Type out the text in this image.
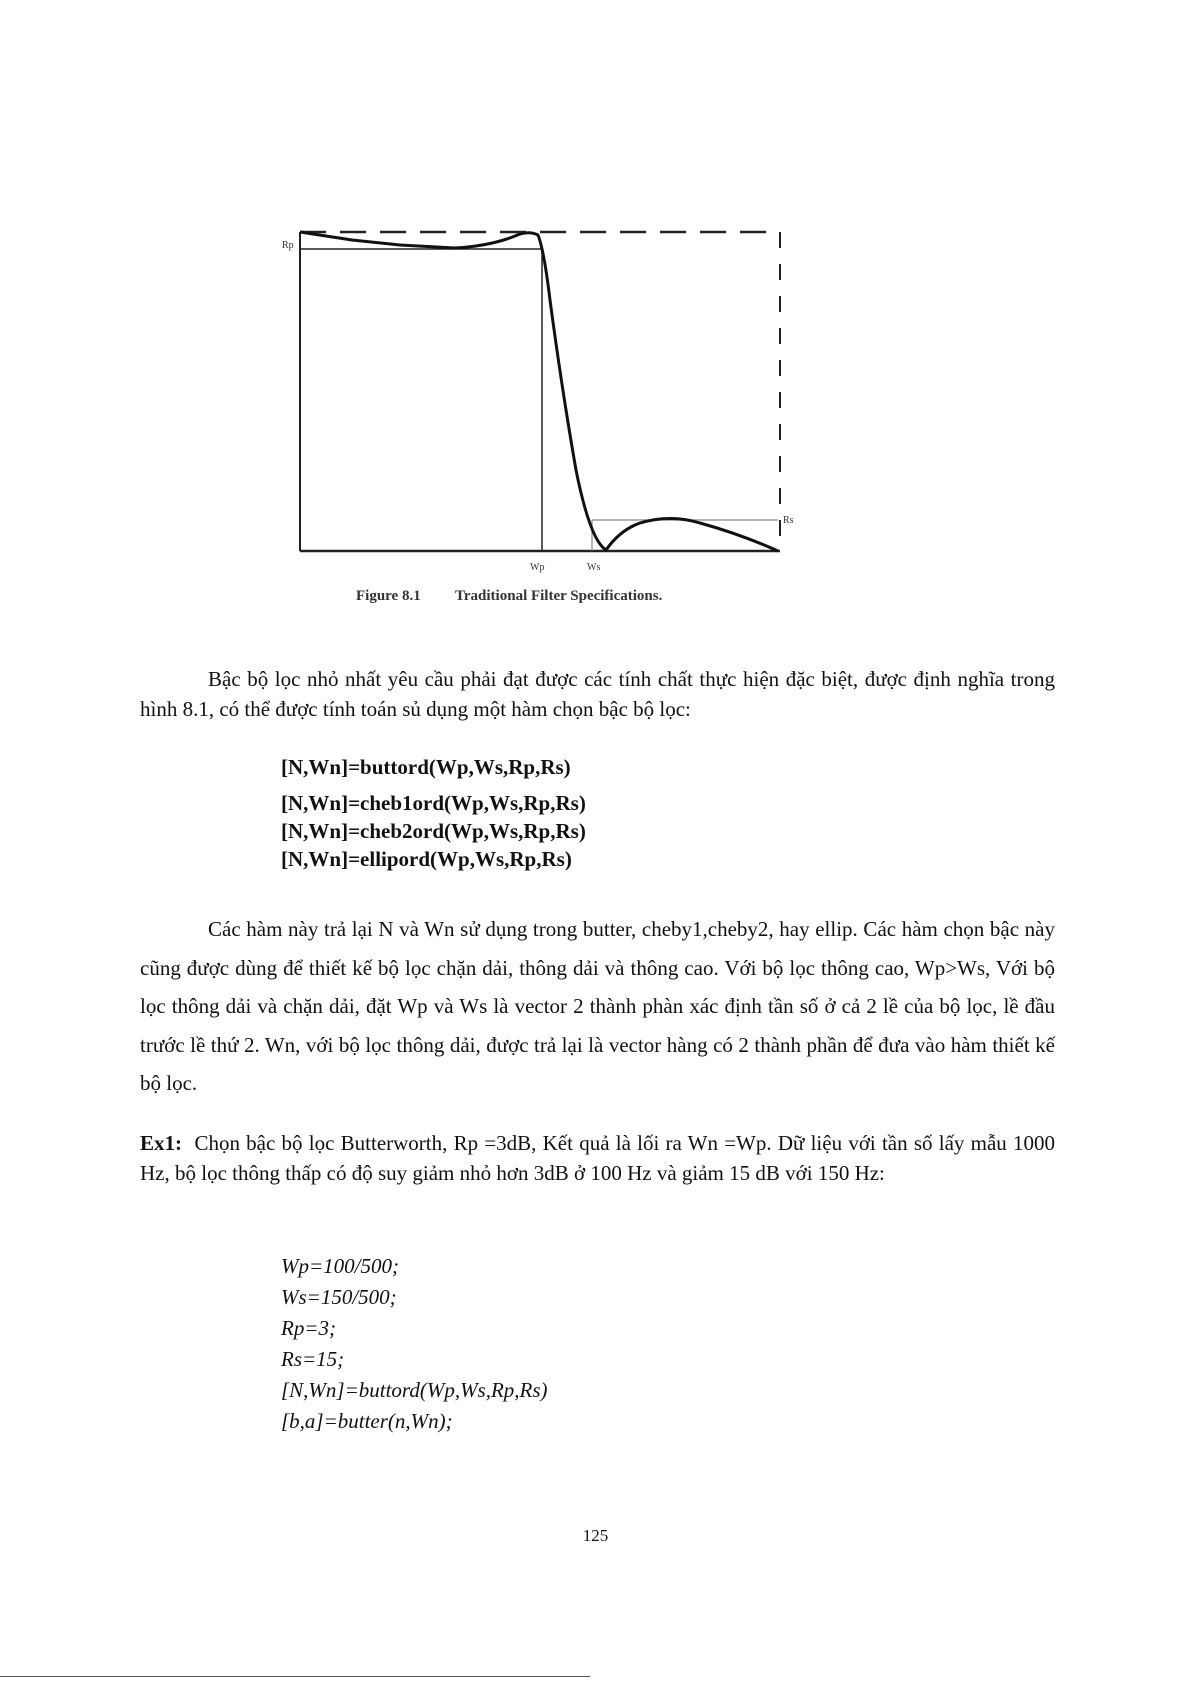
Rp
Rs
Wp	Ws
Figure 8.1 Traditional Filter Specifications.

Bậc bộ lọc nhỏ nhất yêu cầu phải đạt được các tính chất thực hiện đặc biệt, được định nghĩa trong hình 8.1, có thể được tính toán sủ dụng một hàm chọn bậc bộ lọc:

[N,Wn]=buttord(Wp,Ws,Rp,Rs)
[N,Wn]=cheb1ord(Wp,Ws,Rp,Rs)
[N,Wn]=cheb2ord(Wp,Ws,Rp,Rs)
[N,Wn]=ellipord(Wp,Ws,Rp,Rs)

Các hàm này trả lại N và Wn sử dụng trong butter, cheby1,cheby2, hay ellip. Các hàm chọn bậc này cũng được dùng để thiết kế bộ lọc chặn dải, thông dải và thông cao. Với bộ lọc thông cao, Wp>Ws, Với bộ lọc thông dải và chặn dải, đặt Wp và Ws là vector 2 thành phàn xác định tần số ở cả 2 lề của bộ lọc, lề đầu trước lề thứ 2. Wn, với bộ lọc thông dải, được trả lại là vector hàng có 2 thành phần để đưa vào hàm thiết kế bộ lọc.

Ex1: Chọn bậc bộ lọc Butterworth, Rp =3dB, Kết quả là lối ra Wn =Wp. Dữ liệu với tần số lấy mẫu 1000 Hz, bộ lọc thông thấp có độ suy giảm nhỏ hơn 3dB ở 100 Hz và giảm 15 dB với 150 Hz:

Wp=100/500;
Ws=150/500;
Rp=3;
Rs=15;
[N,Wn]=buttord(Wp,Ws,Rp,Rs)
[b,a]=butter(n,Wn);
125
